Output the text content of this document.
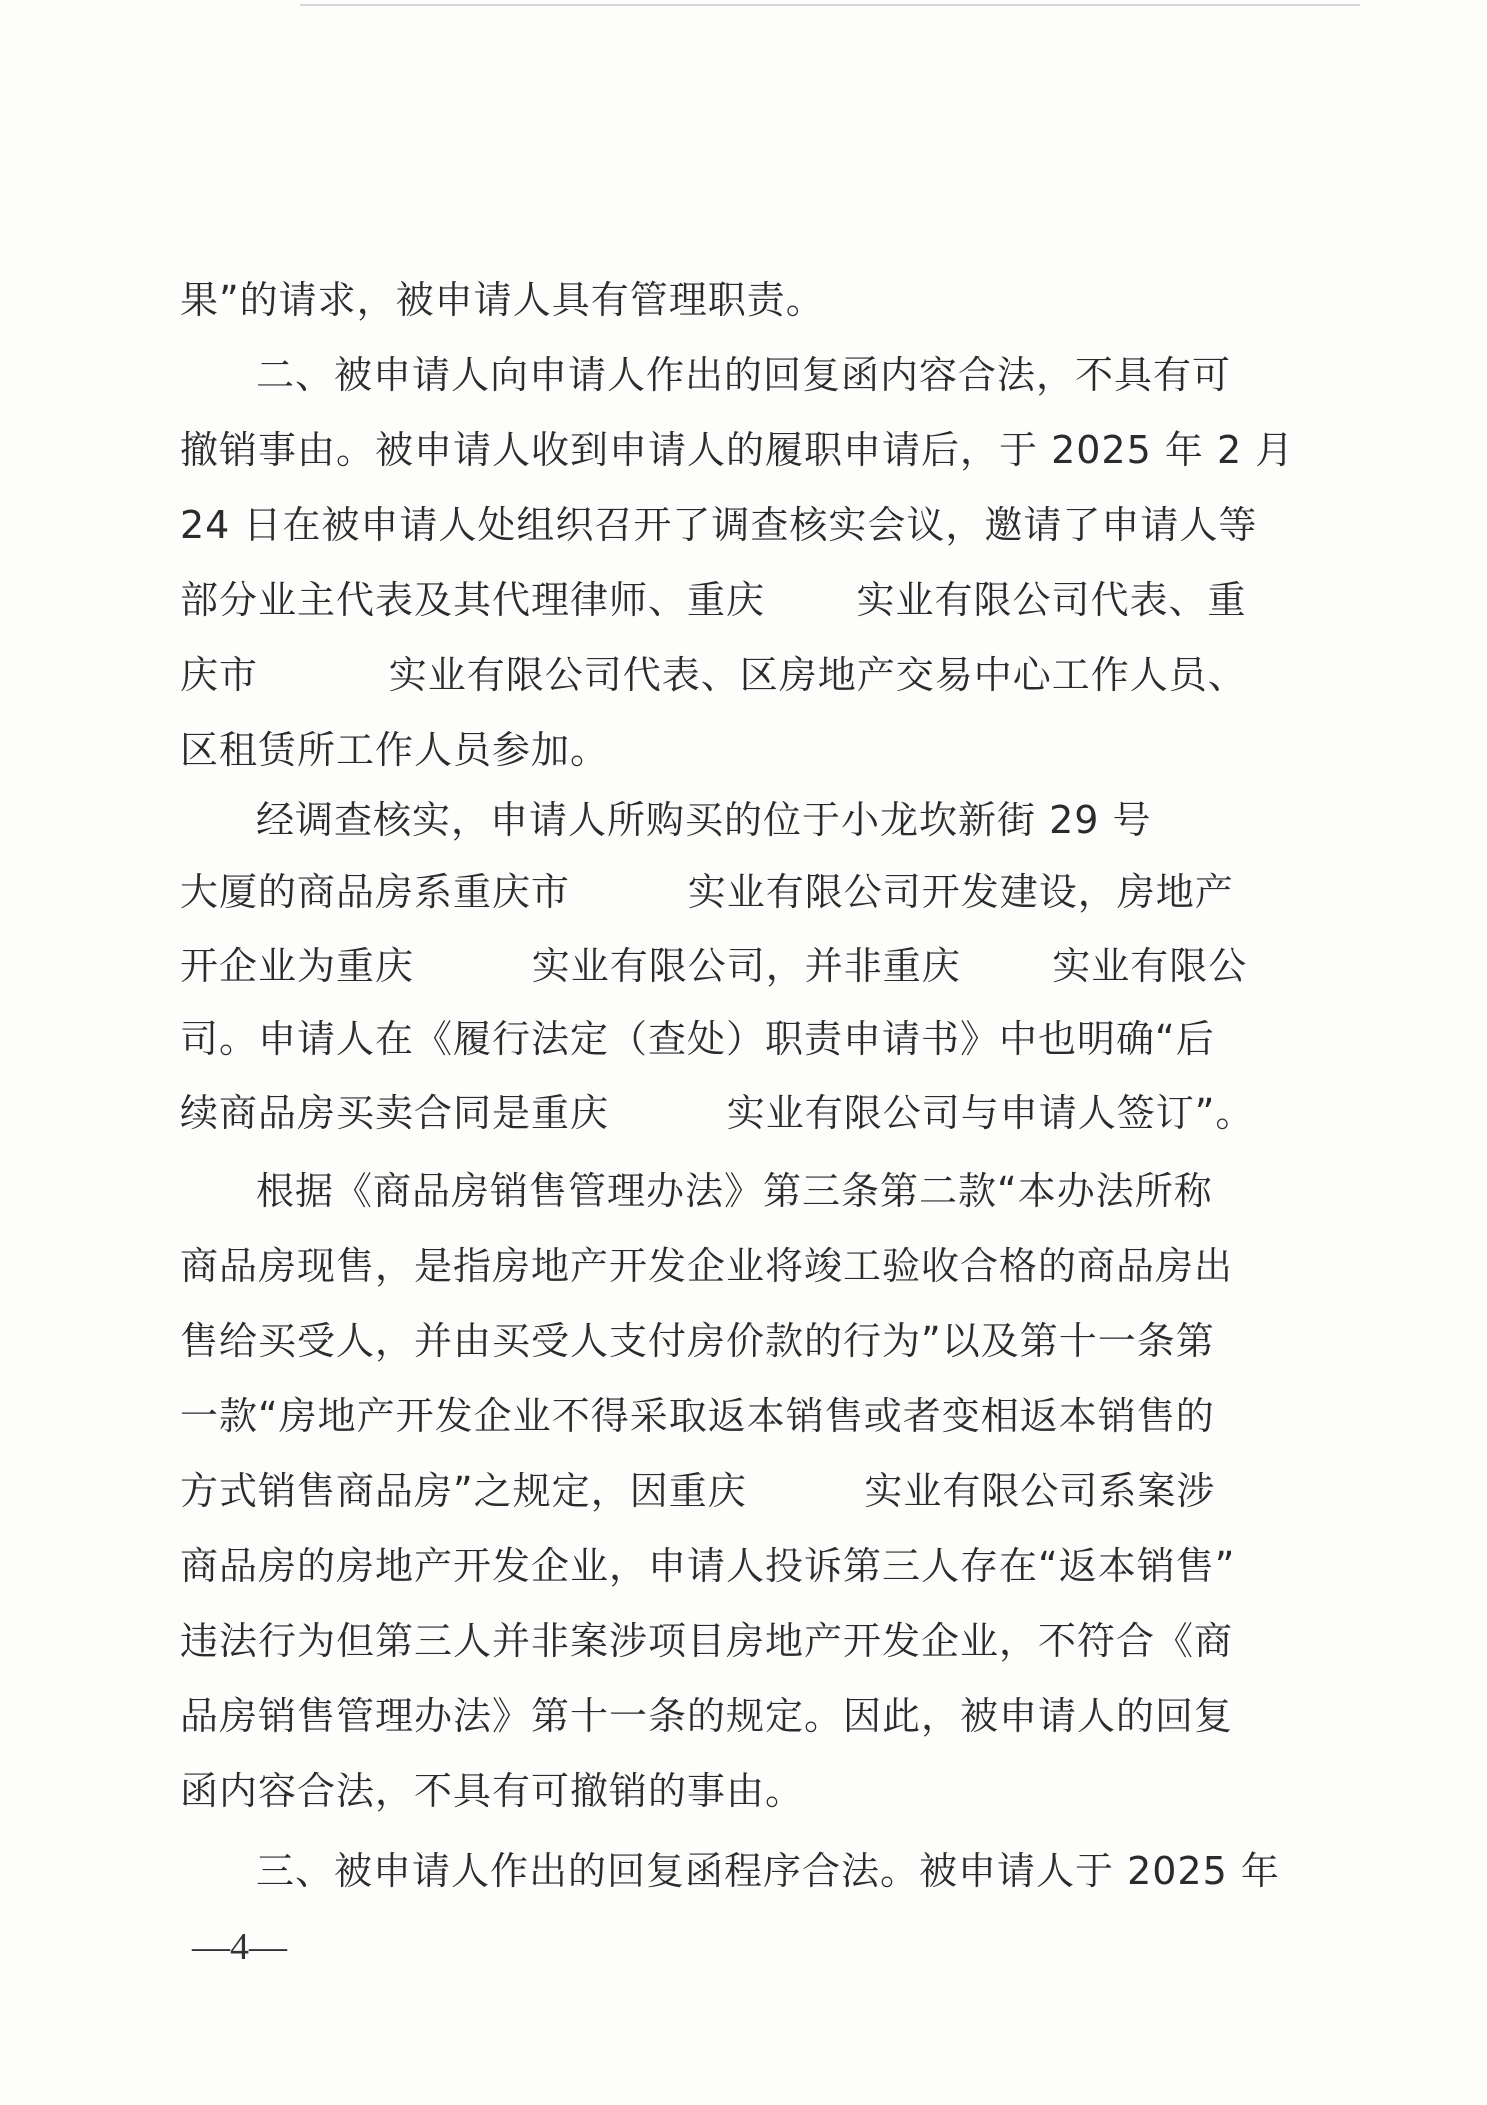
果”的请求，被申请人具有管理职责。
二、被申请人向申请人作出的回复函内容合法，不具有可
撤销事由。被申请人收到申请人的履职申请后，于 2025 年 2 月
24 日在被申请人处组织召开了调查核实会议，邀请了申请人等
部分业主代表及其代理律师、重庆       实业有限公司代表、重
庆市          实业有限公司代表、区房地产交易中心工作人员、
区租赁所工作人员参加。
经调查核实，申请人所购买的位于小龙坎新街 29 号
大厦的商品房系重庆市         实业有限公司开发建设，房地产
开企业为重庆         实业有限公司，并非重庆       实业有限公
司。申请人在《履行法定（查处）职责申请书》中也明确“后
续商品房买卖合同是重庆         实业有限公司与申请人签订”。
根据《商品房销售管理办法》第三条第二款“本办法所称
商品房现售，是指房地产开发企业将竣工验收合格的商品房出
售给买受人，并由买受人支付房价款的行为”以及第十一条第
一款“房地产开发企业不得采取返本销售或者变相返本销售的
方式销售商品房”之规定，因重庆         实业有限公司系案涉
商品房的房地产开发企业，申请人投诉第三人存在“返本销售”
违法行为但第三人并非案涉项目房地产开发企业，不符合《商
品房销售管理办法》第十一条的规定。因此，被申请人的回复
函内容合法，不具有可撤销的事由。
三、被申请人作出的回复函程序合法。被申请人于 2025 年
—4—
